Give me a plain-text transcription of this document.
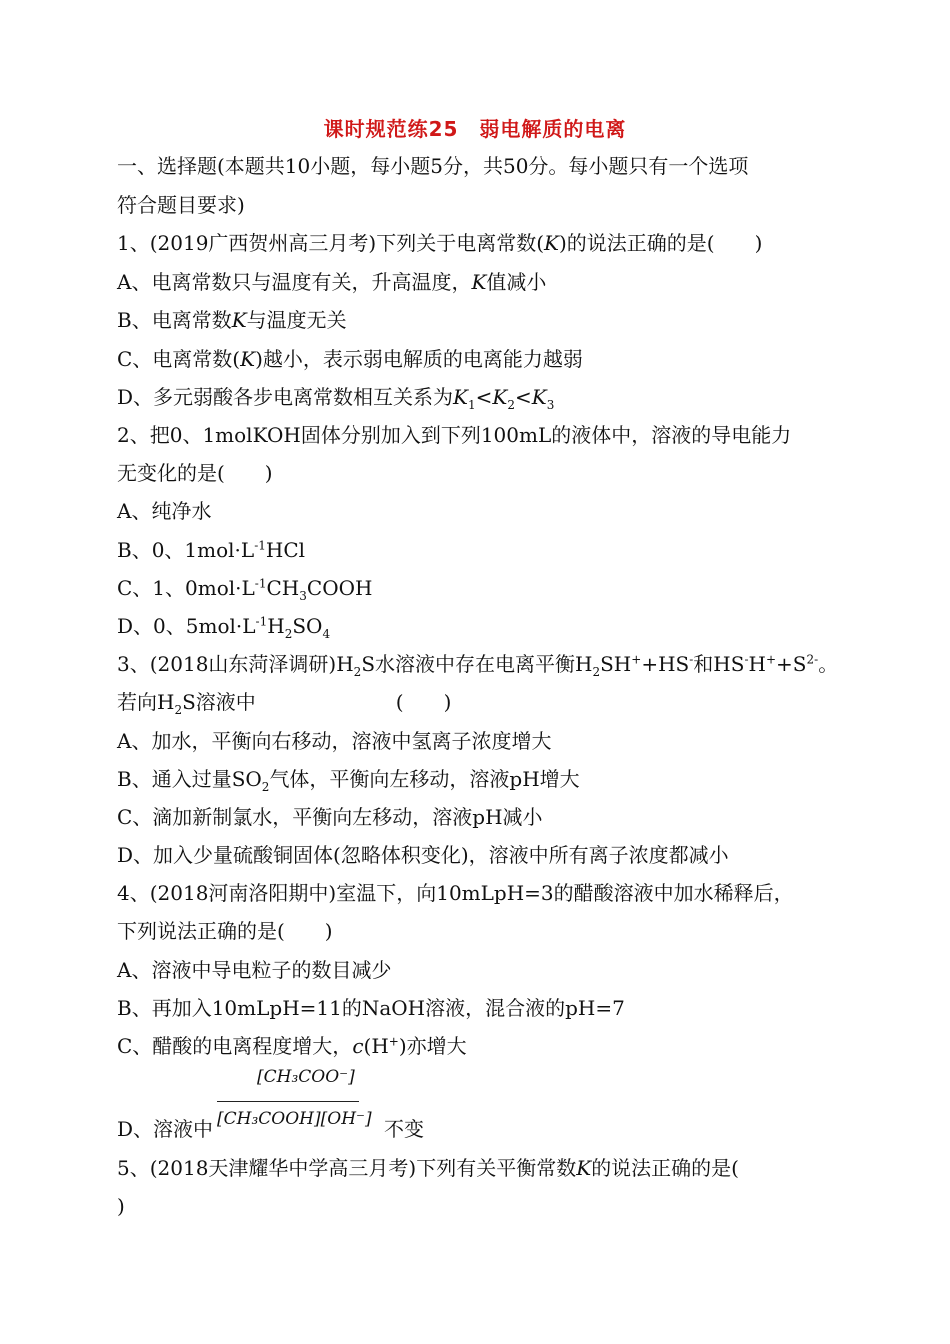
课时规范练25　弱电解质的电离
一、选择题(本题共10小题，每小题5分，共50分。每小题只有一个选项
符合题目要求)
1、(2019广西贺州高三月考)下列关于电离常数(K)的说法正确的是(　　)
A、电离常数只与温度有关，升高温度，K值减小
B、电离常数K与温度无关
C、电离常数(K)越小，表示弱电解质的电离能力越弱
D、多元弱酸各步电离常数相互关系为$K_1<K_2<K_3$
2、把0、1molKOH固体分别加入到下列100mL的液体中，溶液的导电能力
无变化的是(　　)
A、纯净水
B、0、$1mol\cdot L^{-1}HCl$
C、1、$0mol\cdot L^{-1}CH_3COOH$
D、0、$5mol\cdot L^{-1}H_2SO_4$
3、(2018山东菏泽调研)$H_2S$水溶液中存在电离平衡$H_2SH^++HS^-$和$HS^-H^++S^{2-}$。
若向$H_2S$溶液中　　　　　　　(　　)
A、加水，平衡向右移动，溶液中氢离子浓度增大
B、通入过量$SO_2$气体，平衡向左移动，溶液pH增大
C、滴加新制氯水，平衡向左移动，溶液pH减小
D、加入少量硫酸铜固体(忽略体积变化)，溶液中所有离子浓度都减小
4、(2018河南洛阳期中)室温下，向10mLpH=3的醋酸溶液中加水稀释后，
下列说法正确的是(　　)
A、溶液中导电粒子的数目减少
B、再加入10mLpH=11的NaOH溶液，混合液的pH=7
C、醋酸的电离程度增大，c(H+)亦增大
[CH₃COO⁻]
[CH₃COOH][OH⁻]
D、溶液中	不变
5、(2018天津耀华中学高三月考)下列有关平衡常数K的说法正确的是(
)
